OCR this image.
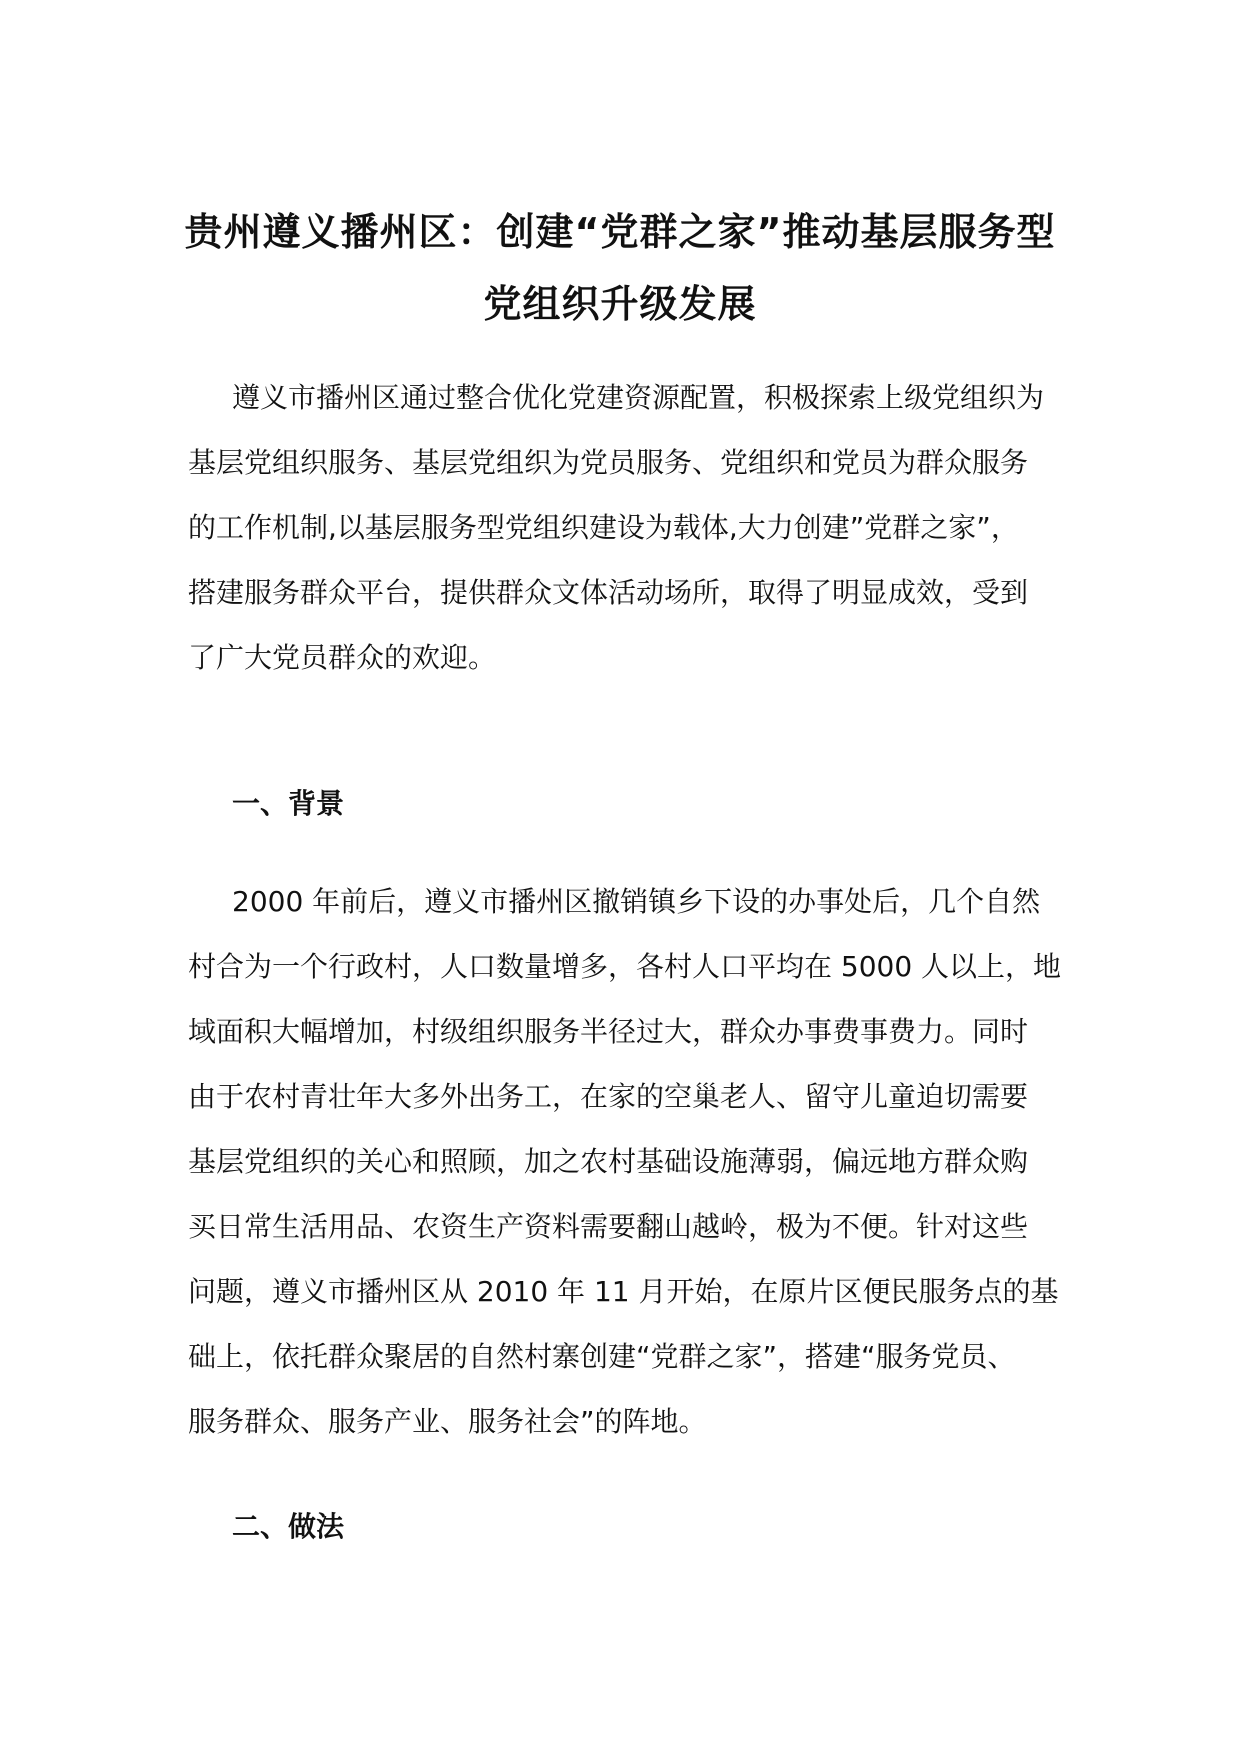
贵州遵义播州区：创建“党群之家”推动基层服务型
党组织升级发展
遵义市播州区通过整合优化党建资源配置，积极探索上级党组织为
基层党组织服务、基层党组织为党员服务、党组织和党员为群众服务
的工作机制,以基层服务型党组织建设为载体,大力创建”党群之家”，
搭建服务群众平台，提供群众文体活动场所，取得了明显成效，受到
了广大党员群众的欢迎。
一、背景
2000 年前后，遵义市播州区撤销镇乡下设的办事处后，几个自然
村合为一个行政村，人口数量增多，各村人口平均在 5000 人以上，地
域面积大幅增加，村级组织服务半径过大，群众办事费事费力。同时
由于农村青壮年大多外出务工，在家的空巢老人、留守儿童迫切需要
基层党组织的关心和照顾，加之农村基础设施薄弱，偏远地方群众购
买日常生活用品、农资生产资料需要翻山越岭，极为不便。针对这些
问题，遵义市播州区从 2010 年 11 月开始，在原片区便民服务点的基
础上，依托群众聚居的自然村寨创建“党群之家”，搭建“服务党员、
服务群众、服务产业、服务社会”的阵地。
二、做法
